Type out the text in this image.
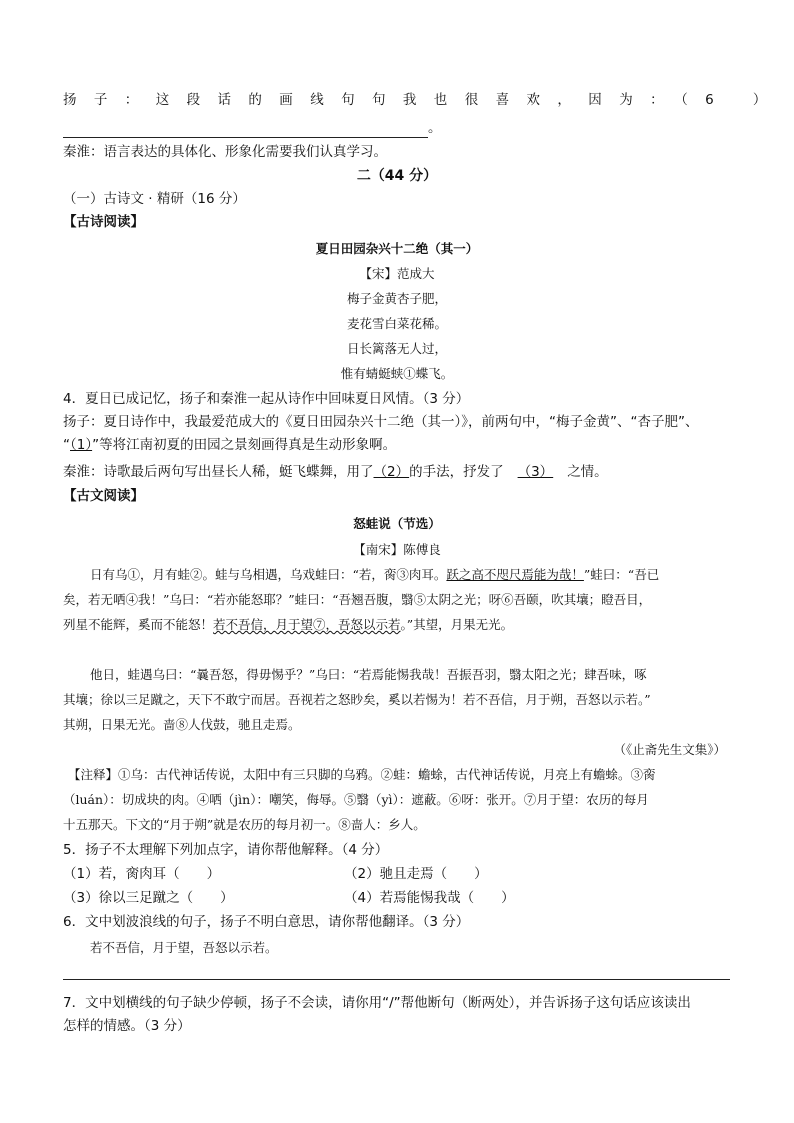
扬子：这段话的画线句句我也很喜欢，因为：（6 ）
。
秦淮：语言表达的具体化、形象化需要我们认真学习。
二（44 分）
（一）古诗文 · 精研（16 分）
【古诗阅读】
夏日田园杂兴十二绝（其一）
【宋】范成大
梅子金黄杏子肥，
麦花雪白菜花稀。
日长篱落无人过，
惟有蜻蜓蛱①蝶飞。
4．夏日已成记忆，扬子和秦淮一起从诗作中回味夏日风情。（3 分）
扬子：夏日诗作中，我最爱范成大的《夏日田园杂兴十二绝（其一）》，前两句中，“梅子金黄”、“杏子肥”、
“（1）”等将江南初夏的田园之景刻画得真是生动形象啊。
秦淮：诗歌最后两句写出昼长人稀，蜓飞蝶舞，用了（2）的手法，抒发了 （3） 之情。
【古文阅读】
怒蛙说（节选）
【南宋】陈傅良
日有乌①，月有蛙②。蛙与乌相遇，乌戏蛙曰：“若，脔③肉耳。跃之高不咫尺焉能为哉！”蛙曰：“吾已
矣，若无哂④我！”乌曰：“若亦能怒耶？”蛙曰：“吾翘吾腹，翳⑤太阴之光；呀⑥吾颐，吹其壤；瞪吾目，
列星不能辉，奚而不能怒！若不吾信，月于望⑦，吾怒以示若。”其望，月果无光。
他日，蛙遇乌曰：“曩吾怒，得毋惕乎？”乌曰：“若焉能惕我哉！吾振吾羽，翳太阳之光；肆吾味，啄
其壤；徐以三足蹴之，天下不敢宁而居。吾视若之怒眇矣，奚以若惕为！若不吾信，月于朔，吾怒以示若。”
其朔，日果无光。啬⑧人伐鼓，驰且走焉。
（《止斋先生文集》）
【注释】①乌：古代神话传说，太阳中有三只脚的乌鸦。②蛙：蟾蜍，古代神话传说，月亮上有蟾蜍。③脔
（luán）：切成块的肉。④哂（jìn）：嘲笑，侮辱。⑤翳（yì）：遮蔽。⑥呀：张开。⑦月于望：农历的每月
十五那天。下文的“月于朔”就是农历的每月初一。⑧啬人：乡人。
5．扬子不太理解下列加点字，请你帮他解释。（4 分）
（1）若，脔肉耳（　　）	（2）驰且走焉（　　）
（3）徐以三足蹴之（　　）	（4）若焉能惕我哉（　　）
6．文中划波浪线的句子，扬子不明白意思，请你帮他翻译。（3 分）
若不吾信，月于望，吾怒以示若。
7．文中划横线的句子缺少停顿，扬子不会读，请你用“/”帮他断句（断两处），并告诉扬子这句话应该读出
怎样的情感。（3 分）
